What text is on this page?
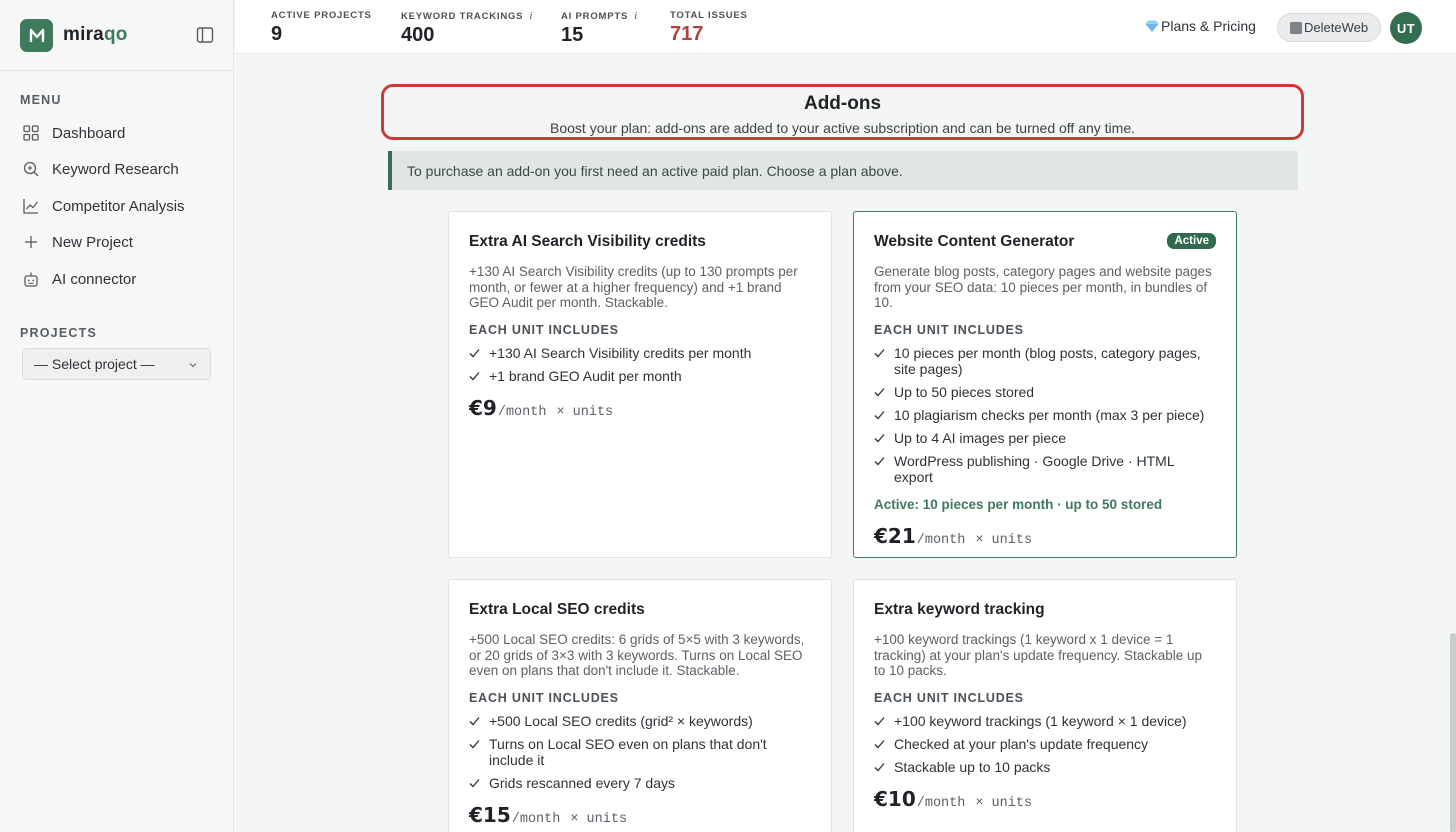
miraqo
MENU
Dashboard
Keyword Research
Competitor Analysis
New Project
AI connector
PROJECTS
— Select project —
ACTIVE PROJECTS
9
KEYWORD TRACKINGS i
400
AI PROMPTS i
15
TOTAL ISSUES
717	Plans & Pricing	DeleteWeb	UT
Add-ons
Boost your plan: add-ons are added to your active subscription and can be turned off any time.
To purchase an add-on you first need an active paid plan. Choose a plan above.
Extra AI Search Visibility credits
+130 AI Search Visibility credits (up to 130 prompts per month, or fewer at a higher frequency) and +1 brand GEO Audit per month. Stackable.
EACH UNIT INCLUDES
+130 AI Search Visibility credits per month
+1 brand GEO Audit per month
€9 /month × units
Website Content Generator	Active
Generate blog posts, category pages and website pages from your SEO data: 10 pieces per month, in bundles of 10.
EACH UNIT INCLUDES
10 pieces per month (blog posts, category pages, site pages)
Up to 50 pieces stored
10 plagiarism checks per month (max 3 per piece)
Up to 4 AI images per piece
WordPress publishing · Google Drive · HTML export
Active: 10 pieces per month · up to 50 stored
€21 /month × units
Extra Local SEO credits
+500 Local SEO credits: 6 grids of 5×5 with 3 keywords, or 20 grids of 3×3 with 3 keywords. Turns on Local SEO even on plans that don't include it. Stackable.
EACH UNIT INCLUDES
+500 Local SEO credits (grid² × keywords)
Turns on Local SEO even on plans that don't include it
Grids rescanned every 7 days
€15 /month × units
Extra keyword tracking
+100 keyword trackings (1 keyword x 1 device = 1 tracking) at your plan's update frequency. Stackable up to 10 packs.
EACH UNIT INCLUDES
+100 keyword trackings (1 keyword × 1 device)
Checked at your plan's update frequency
Stackable up to 10 packs
€10 /month × units
